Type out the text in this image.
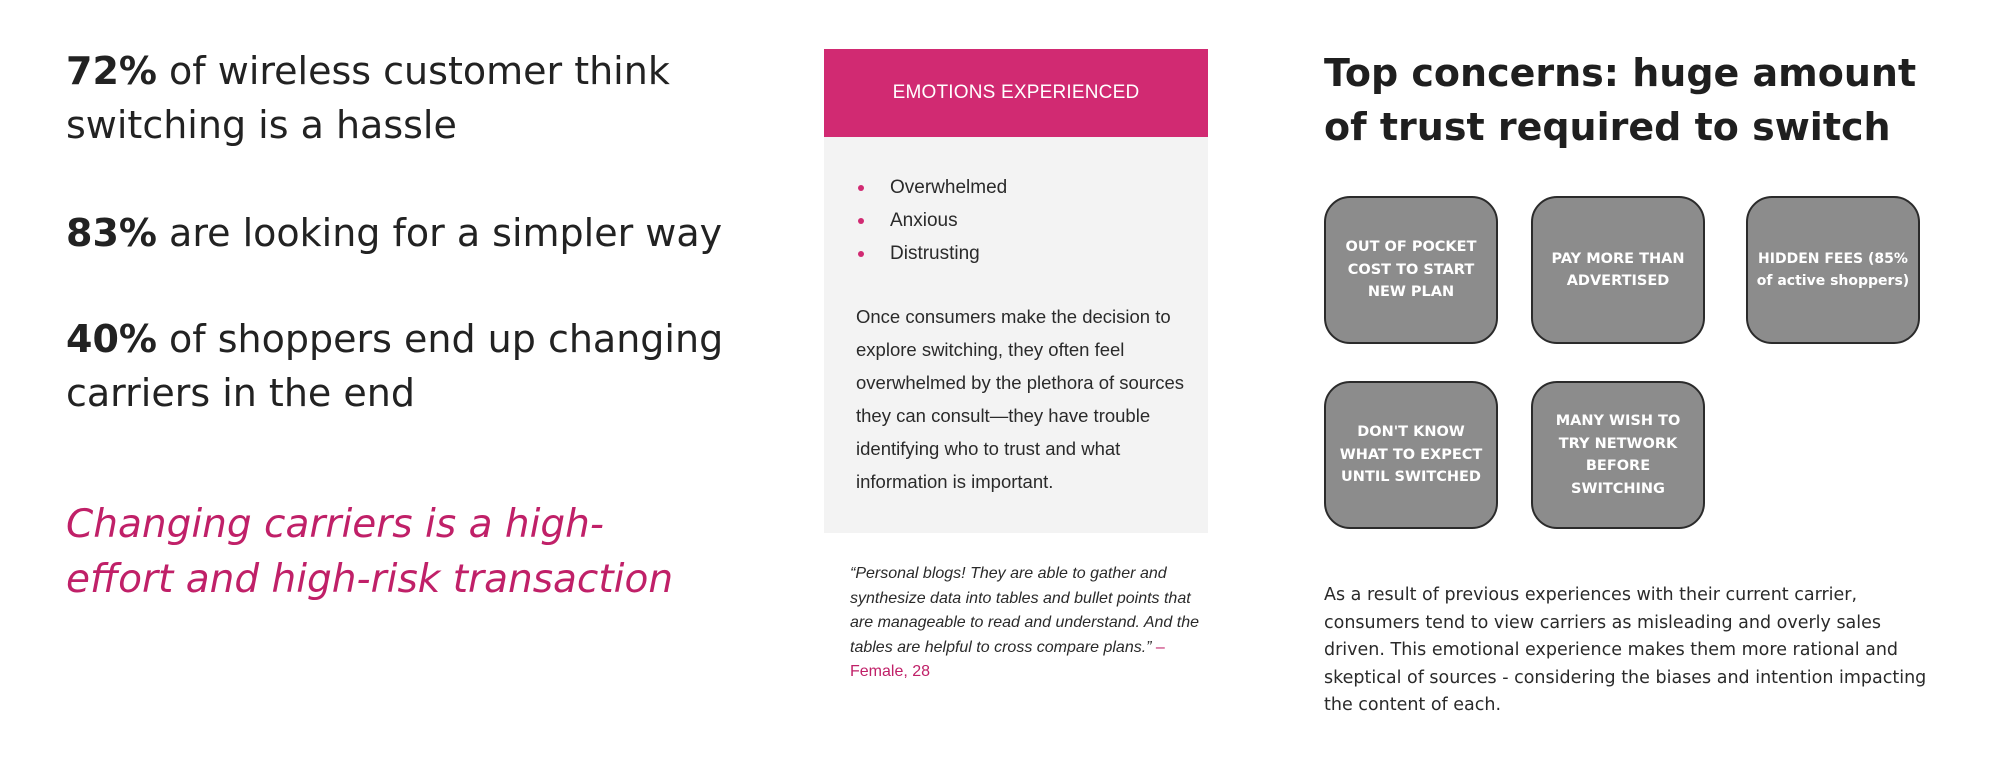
72% of wireless customer think switching is a hassle

83% are looking for a simpler way

40% of shoppers end up changing carriers in the end

Changing carriers is a high-effort and high-risk transaction
EMOTIONS EXPERIENCED
Overwhelmed
Anxious
Distrusting
Once consumers make the decision to explore switching, they often feel overwhelmed by the plethora of sources they can consult—they have trouble identifying who to trust and what information is important.
“Personal blogs! They are able to gather and synthesize data into tables and bullet points that are manageable to read and understand. And the tables are helpful to cross compare plans.” – Female, 28
Top concerns: huge amount of trust required to switch
OUT OF POCKET COST TO START NEW PLAN
PAY MORE THAN ADVERTISED
HIDDEN FEES (85% of active shoppers)
DON'T KNOW WHAT TO EXPECT UNTIL SWITCHED
MANY WISH TO TRY NETWORK BEFORE SWITCHING
As a result of previous experiences with their current carrier, consumers tend to view carriers as misleading and overly sales driven. This emotional experience makes them more rational and skeptical of sources - considering the biases and intention impacting the content of each.
